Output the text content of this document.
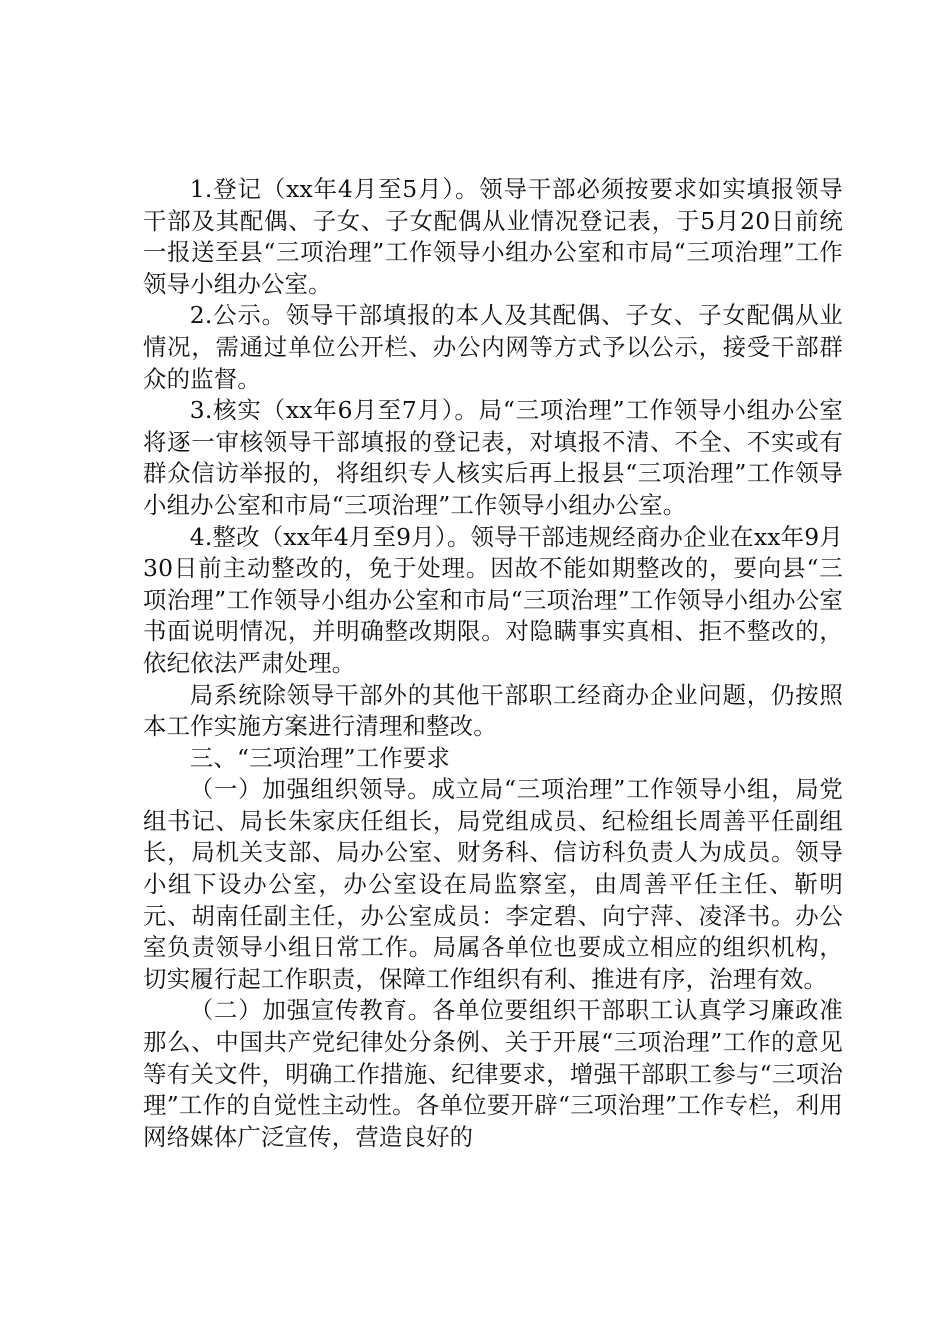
1.登记（xx年4月至5月）。领导干部必须按要求如实填报领导干部及其配偶、子女、子女配偶从业情况登记表，于5月20日前统一报送至县“三项治理”工作领导小组办公室和市局“三项治理”工作领导小组办公室。

2.公示。领导干部填报的本人及其配偶、子女、子女配偶从业情况，需通过单位公开栏、办公内网等方式予以公示，接受干部群众的监督。

3.核实（xx年6月至7月）。局“三项治理”工作领导小组办公室将逐一审核领导干部填报的登记表，对填报不清、不全、不实或有群众信访举报的，将组织专人核实后再上报县“三项治理”工作领导小组办公室和市局“三项治理”工作领导小组办公室。

4.整改（xx年4月至9月）。领导干部违规经商办企业在xx年9月30日前主动整改的，免于处理。因故不能如期整改的，要向县“三项治理”工作领导小组办公室和市局“三项治理”工作领导小组办公室书面说明情况，并明确整改期限。对隐瞒事实真相、拒不整改的，依纪依法严肃处理。

局系统除领导干部外的其他干部职工经商办企业问题，仍按照本工作实施方案进行清理和整改。

三、“三项治理”工作要求

（一）加强组织领导。成立局“三项治理”工作领导小组，局党组书记、局长朱家庆任组长，局党组成员、纪检组长周善平任副组长，局机关支部、局办公室、财务科、信访科负责人为成员。领导小组下设办公室，办公室设在局监察室，由周善平任主任、靳明元、胡南任副主任，办公室成员：李定碧、向宁萍、凌泽书。办公室负责领导小组日常工作。局属各单位也要成立相应的组织机构，切实履行起工作职责，保障工作组织有利、推进有序，治理有效。

（二）加强宣传教育。各单位要组织干部职工认真学习廉政准那么、中国共产党纪律处分条例、关于开展“三项治理”工作的意见等有关文件，明确工作措施、纪律要求，增强干部职工参与“三项治理”工作的自觉性主动性。各单位要开辟“三项治理”工作专栏，利用网络媒体广泛宣传，营造良好的
